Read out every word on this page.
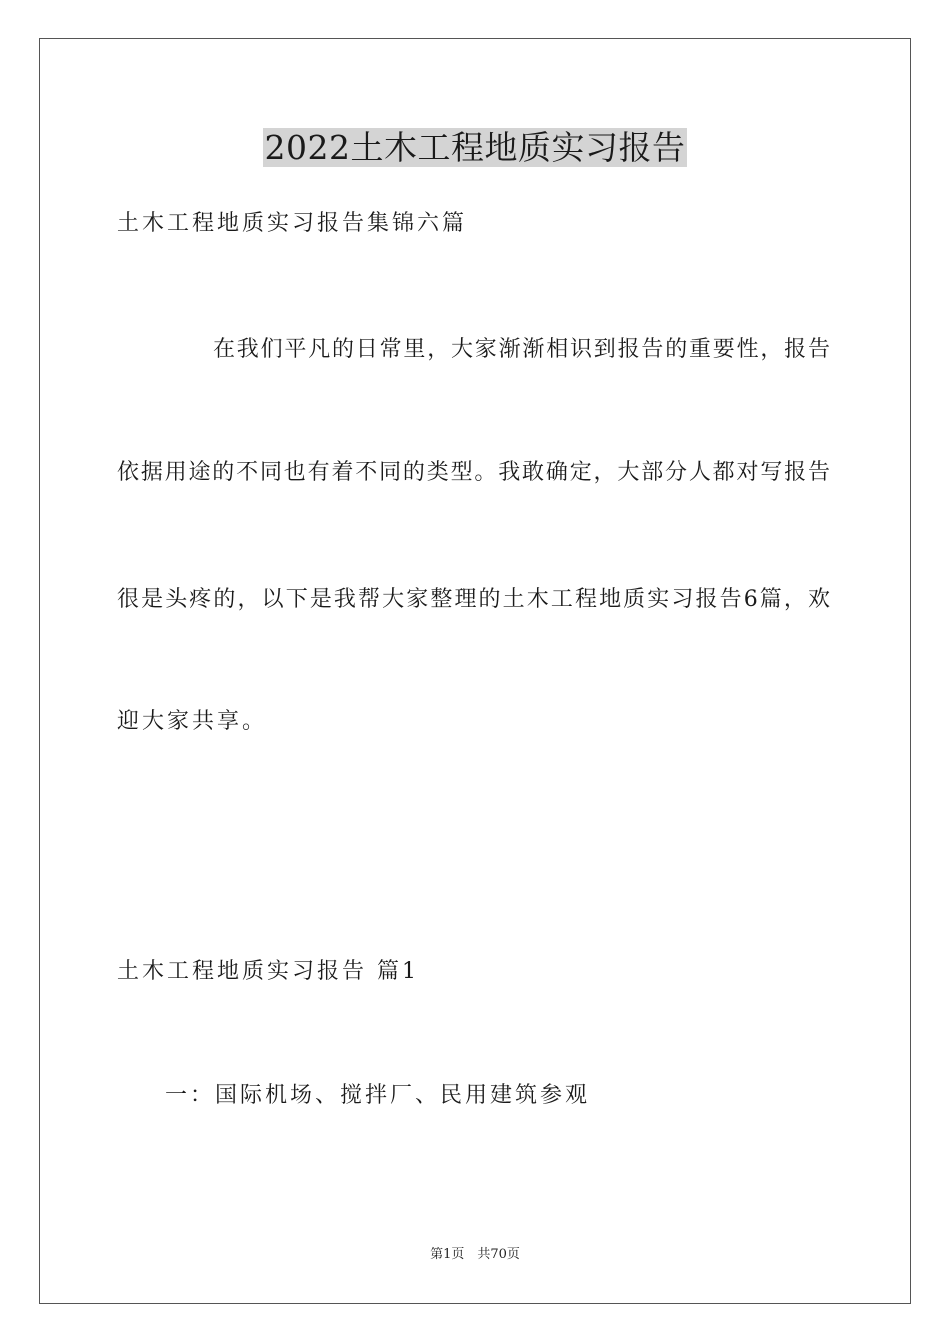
2022土木工程地质实习报告

土木工程地质实习报告集锦六篇

在我们平凡的日常里，大家渐渐相识到报告的重要性，报告

依据用途的不同也有着不同的类型。我敢确定，大部分人都对写报告

很是头疼的，以下是我帮大家整理的土木工程地质实习报告6篇，欢

迎大家共享。

土木工程地质实习报告 篇1

一：国际机场、搅拌厂、民用建筑参观

第1页　共70页
